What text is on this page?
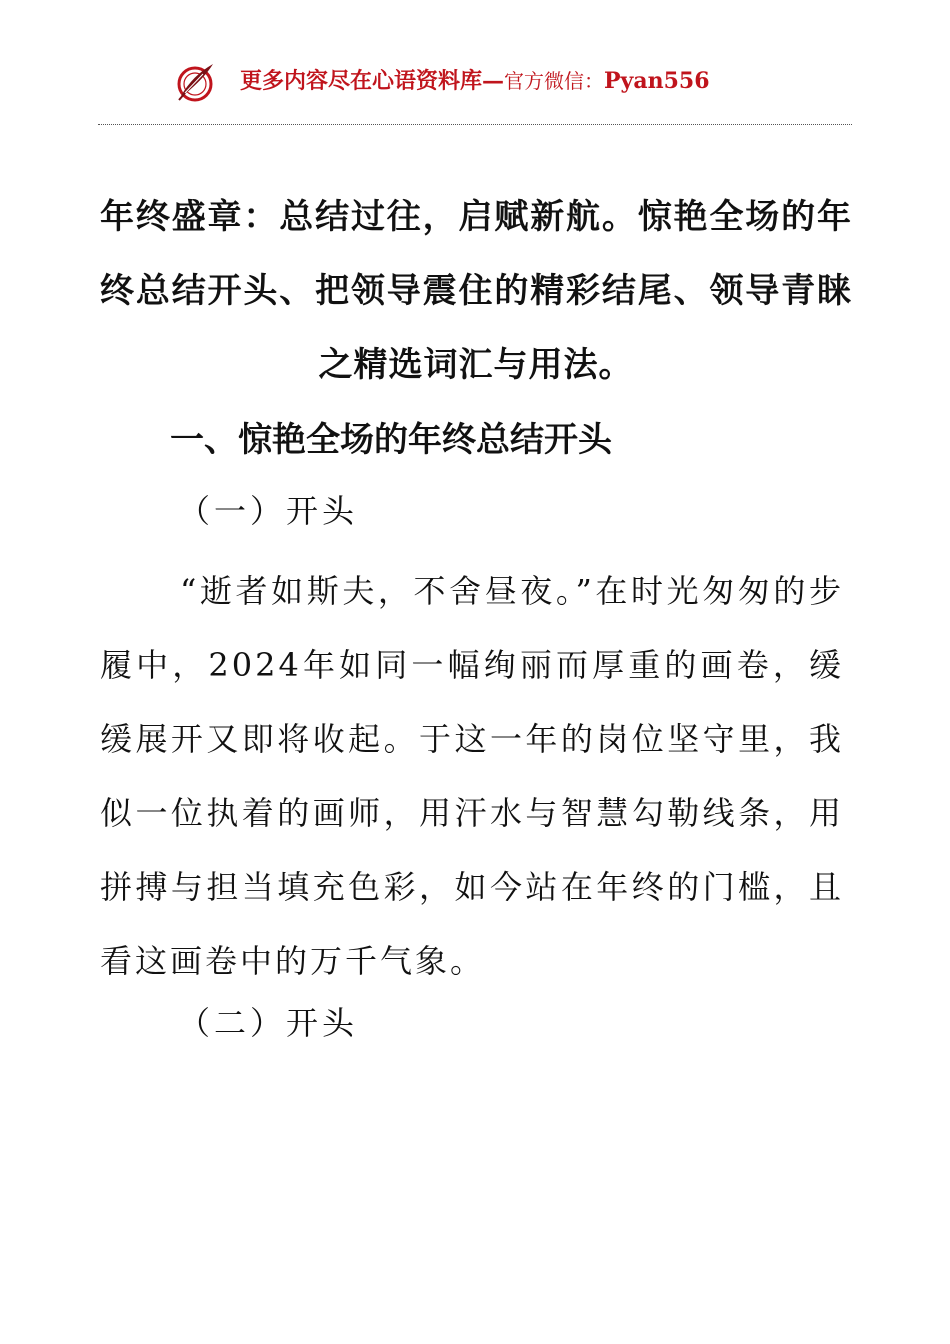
更多内容尽在心语资料库—官方微信：Pyan556
年终盛章：总结过往，启赋新航。惊艳全场的年终总结开头、把领导震住的精彩结尾、领导青睐之精选词汇与用法。
一、惊艳全场的年终总结开头
（一）开头
“逝者如斯夫，不舍昼夜。”在时光匆匆的步履中，2024年如同一幅绚丽而厚重的画卷，缓缓展开又即将收起。于这一年的岗位坚守里，我似一位执着的画师，用汗水与智慧勾勒线条，用拼搏与担当填充色彩，如今站在年终的门槛，且看这画卷中的万千气象。
（二）开头
